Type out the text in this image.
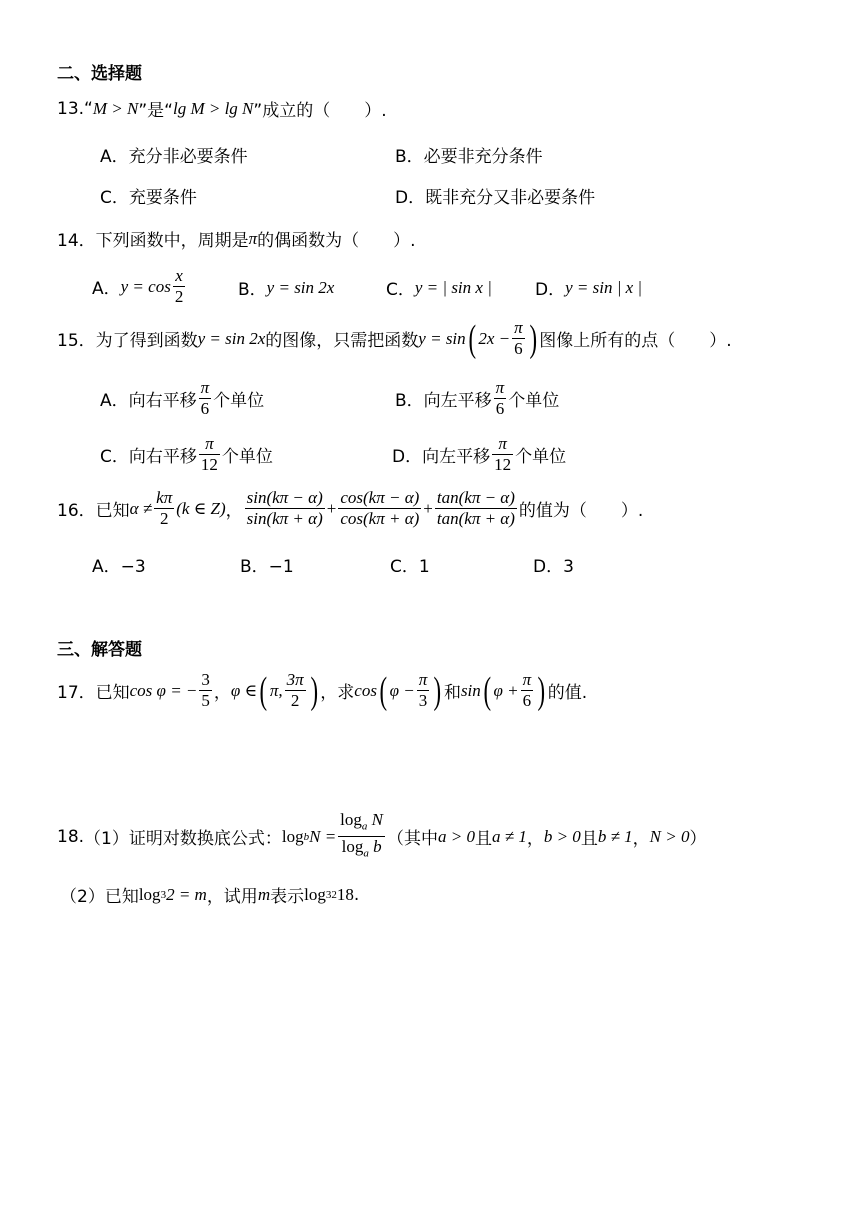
二、选择题
13. “ M > N ”是“ lg M > lg N ”成立的（　　）.
A．充分非必要条件	B．必要非充分条件
C．充要条件	D．既非充分又非必要条件
14． 下列函数中，周期是 π 的偶函数为（　　）.
A． $y = \cos \frac{x}{2}$	B． y = sin 2x	C． y = | sin x |	D． y = sin | x |
15． 为了得到函数 y = sin 2x 的图像，只需把函数 y = sin ( $2x - \frac{\pi}{6}$ ) 图像上所有的点（　　）.
A．向右平移 $\frac{\pi}{6}$ 个单位	B．向左平移 $\frac{\pi}{6}$ 个单位
C．向右平移 $\frac{\pi}{12}$ 个单位	D．向左平移 $\frac{\pi}{12}$ 个单位
16． 已知 $\alpha \ne \frac{k\pi}{2} (k$ ∈ Z) ， $\frac{\sin(k\pi - \alpha)}{\sin(k\pi + \alpha)} + \frac{\cos(k\pi - \alpha)}{\cos(k\pi + \alpha)} + \frac{\tan(k\pi - \alpha)}{\tan(k\pi + \alpha)}$ 的值为（　　）.
A．−3	B．−1	C．1	D．3
三、解答题
17． 已知 cos φ = − $\frac{3}{5}$ ， φ ∈ ( π, $\frac{3\pi}{2}$ ) ，求 cos ( $\varphi - \frac{\pi}{3}$ ) 和 sin ( $\varphi + \frac{\pi}{6}$ ) 的值.
18. （1）证明对数换底公式： log b $N = \frac{\log_a N}{\log_a b}$ （其中 a > 0 且 a ≠ 1 ， b > 0 且 b ≠ 1 ， N > 0 ）
（2）已知 log 3 2 = m ，试用 m 表示 log 32 18 .
